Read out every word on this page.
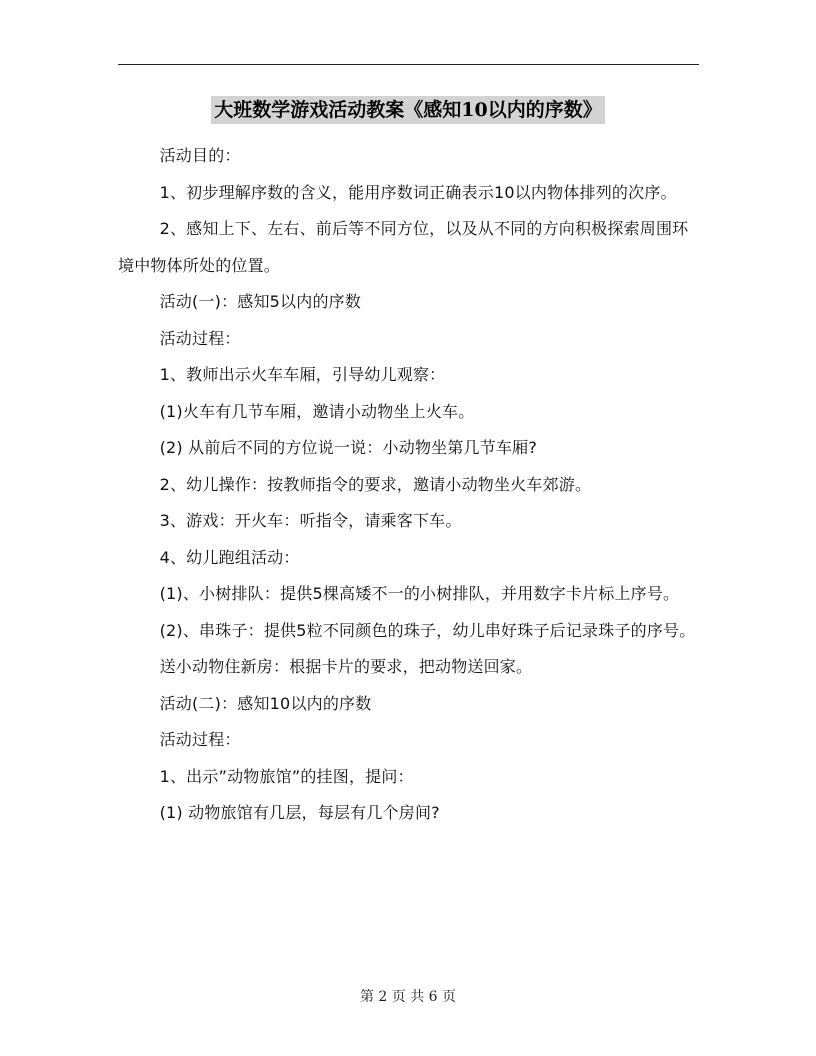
大班数学游戏活动教案《感知10以内的序数》

活动目的：

1、初步理解序数的含义，能用序数词正确表示10以内物体排列的次序。

2、感知上下、左右、前后等不同方位，以及从不同的方向积极探索周围环境中物体所处的位置。

活动(一)：感知5以内的序数

活动过程：

1、教师出示火车车厢，引导幼儿观察：

(1)火车有几节车厢，邀请小动物坐上火车。

(2) 从前后不同的方位说一说：小动物坐第几节车厢?

2、幼儿操作：按教师指令的要求，邀请小动物坐火车郊游。

3、游戏：开火车：听指令，请乘客下车。

4、幼儿跑组活动：

(1)、小树排队：提供5棵高矮不一的小树排队，并用数字卡片标上序号。

(2)、串珠子：提供5粒不同颜色的珠子，幼儿串好珠子后记录珠子的序号。

送小动物住新房：根据卡片的要求，把动物送回家。

活动(二)：感知10以内的序数

活动过程：

1、出示”动物旅馆”的挂图，提问：

(1) 动物旅馆有几层，每层有几个房间?

第 2 页 共 6 页
